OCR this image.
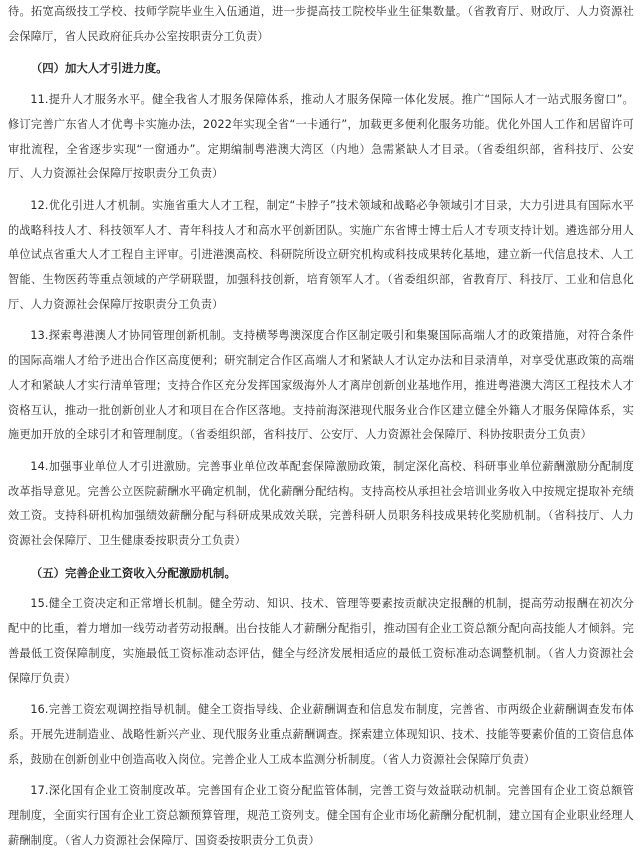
待。拓宽高级技工学校、技师学院毕业生入伍通道，进一步提高技工院校毕业生征集数量。（省教育厅、财政厅、人力资源社会保障厅，省人民政府征兵办公室按职责分工负责）

（四）加大人才引进力度。

11.提升人才服务水平。健全我省人才服务保障体系，推动人才服务保障一体化发展。推广“国际人才一站式服务窗口”。修订完善广东省人才优粤卡实施办法，2022年实现全省“一卡通行”，加载更多便利化服务功能。优化外国人工作和居留许可审批流程，全省逐步实现“一窗通办”。定期编制粤港澳大湾区（内地）急需紧缺人才目录。（省委组织部，省科技厅、公安厅、人力资源社会保障厅按职责分工负责）

12.优化引进人才机制。实施省重大人才工程，制定“卡脖子”技术领域和战略必争领域引才目录，大力引进具有国际水平的战略科技人才、科技领军人才、青年科技人才和高水平创新团队。实施广东省博士博士后人才专项支持计划。遴选部分用人单位试点省重大人才工程自主评审。引进港澳高校、科研院所设立研究机构或科技成果转化基地，建立新一代信息技术、人工智能、生物医药等重点领域的产学研联盟，加强科技创新，培育领军人才。（省委组织部，省教育厅、科技厅、工业和信息化厅、人力资源社会保障厅按职责分工负责）

13.探索粤港澳人才协同管理创新机制。支持横琴粤澳深度合作区制定吸引和集聚国际高端人才的政策措施，对符合条件的国际高端人才给予进出合作区高度便利；研究制定合作区高端人才和紧缺人才认定办法和目录清单，对享受优惠政策的高端人才和紧缺人才实行清单管理；支持合作区充分发挥国家级海外人才离岸创新创业基地作用，推进粤港澳大湾区工程技术人才资格互认，推动一批创新创业人才和项目在合作区落地。支持前海深港现代服务业合作区建立健全外籍人才服务保障体系，实施更加开放的全球引才和管理制度。（省委组织部，省科技厅、公安厅、人力资源社会保障厅、科协按职责分工负责）

14.加强事业单位人才引进激励。完善事业单位改革配套保障激励政策，制定深化高校、科研事业单位薪酬激励分配制度改革指导意见。完善公立医院薪酬水平确定机制，优化薪酬分配结构。支持高校从承担社会培训业务收入中按规定提取补充绩效工资。支持科研机构加强绩效薪酬分配与科研成果成效关联，完善科研人员职务科技成果转化奖励机制。（省科技厅、人力资源社会保障厅、卫生健康委按职责分工负责）

（五）完善企业工资收入分配激励机制。

15.健全工资决定和正常增长机制。健全劳动、知识、技术、管理等要素按贡献决定报酬的机制，提高劳动报酬在初次分配中的比重，着力增加一线劳动者劳动报酬。出台技能人才薪酬分配指引，推动国有企业工资总额分配向高技能人才倾斜。完善最低工资保障制度，实施最低工资标准动态评估，健全与经济发展相适应的最低工资标准动态调整机制。（省人力资源社会保障厅负责）

16.完善工资宏观调控指导机制。健全工资指导线、企业薪酬调查和信息发布制度，完善省、市两级企业薪酬调查发布体系。开展先进制造业、战略性新兴产业、现代服务业重点薪酬调查。探索建立体现知识、技术、技能等要素价值的工资信息体系，鼓励在创新创业中创造高收入岗位。完善企业人工成本监测分析制度。（省人力资源社会保障厅负责）

17.深化国有企业工资制度改革。完善国有企业工资分配监管体制，完善工资与效益联动机制。完善国有企业工资总额管理制度，全面实行国有企业工资总额预算管理，规范工资列支。健全国有企业市场化薪酬分配机制，建立国有企业职业经理人薪酬制度。（省人力资源社会保障厅、国资委按职责分工负责）
